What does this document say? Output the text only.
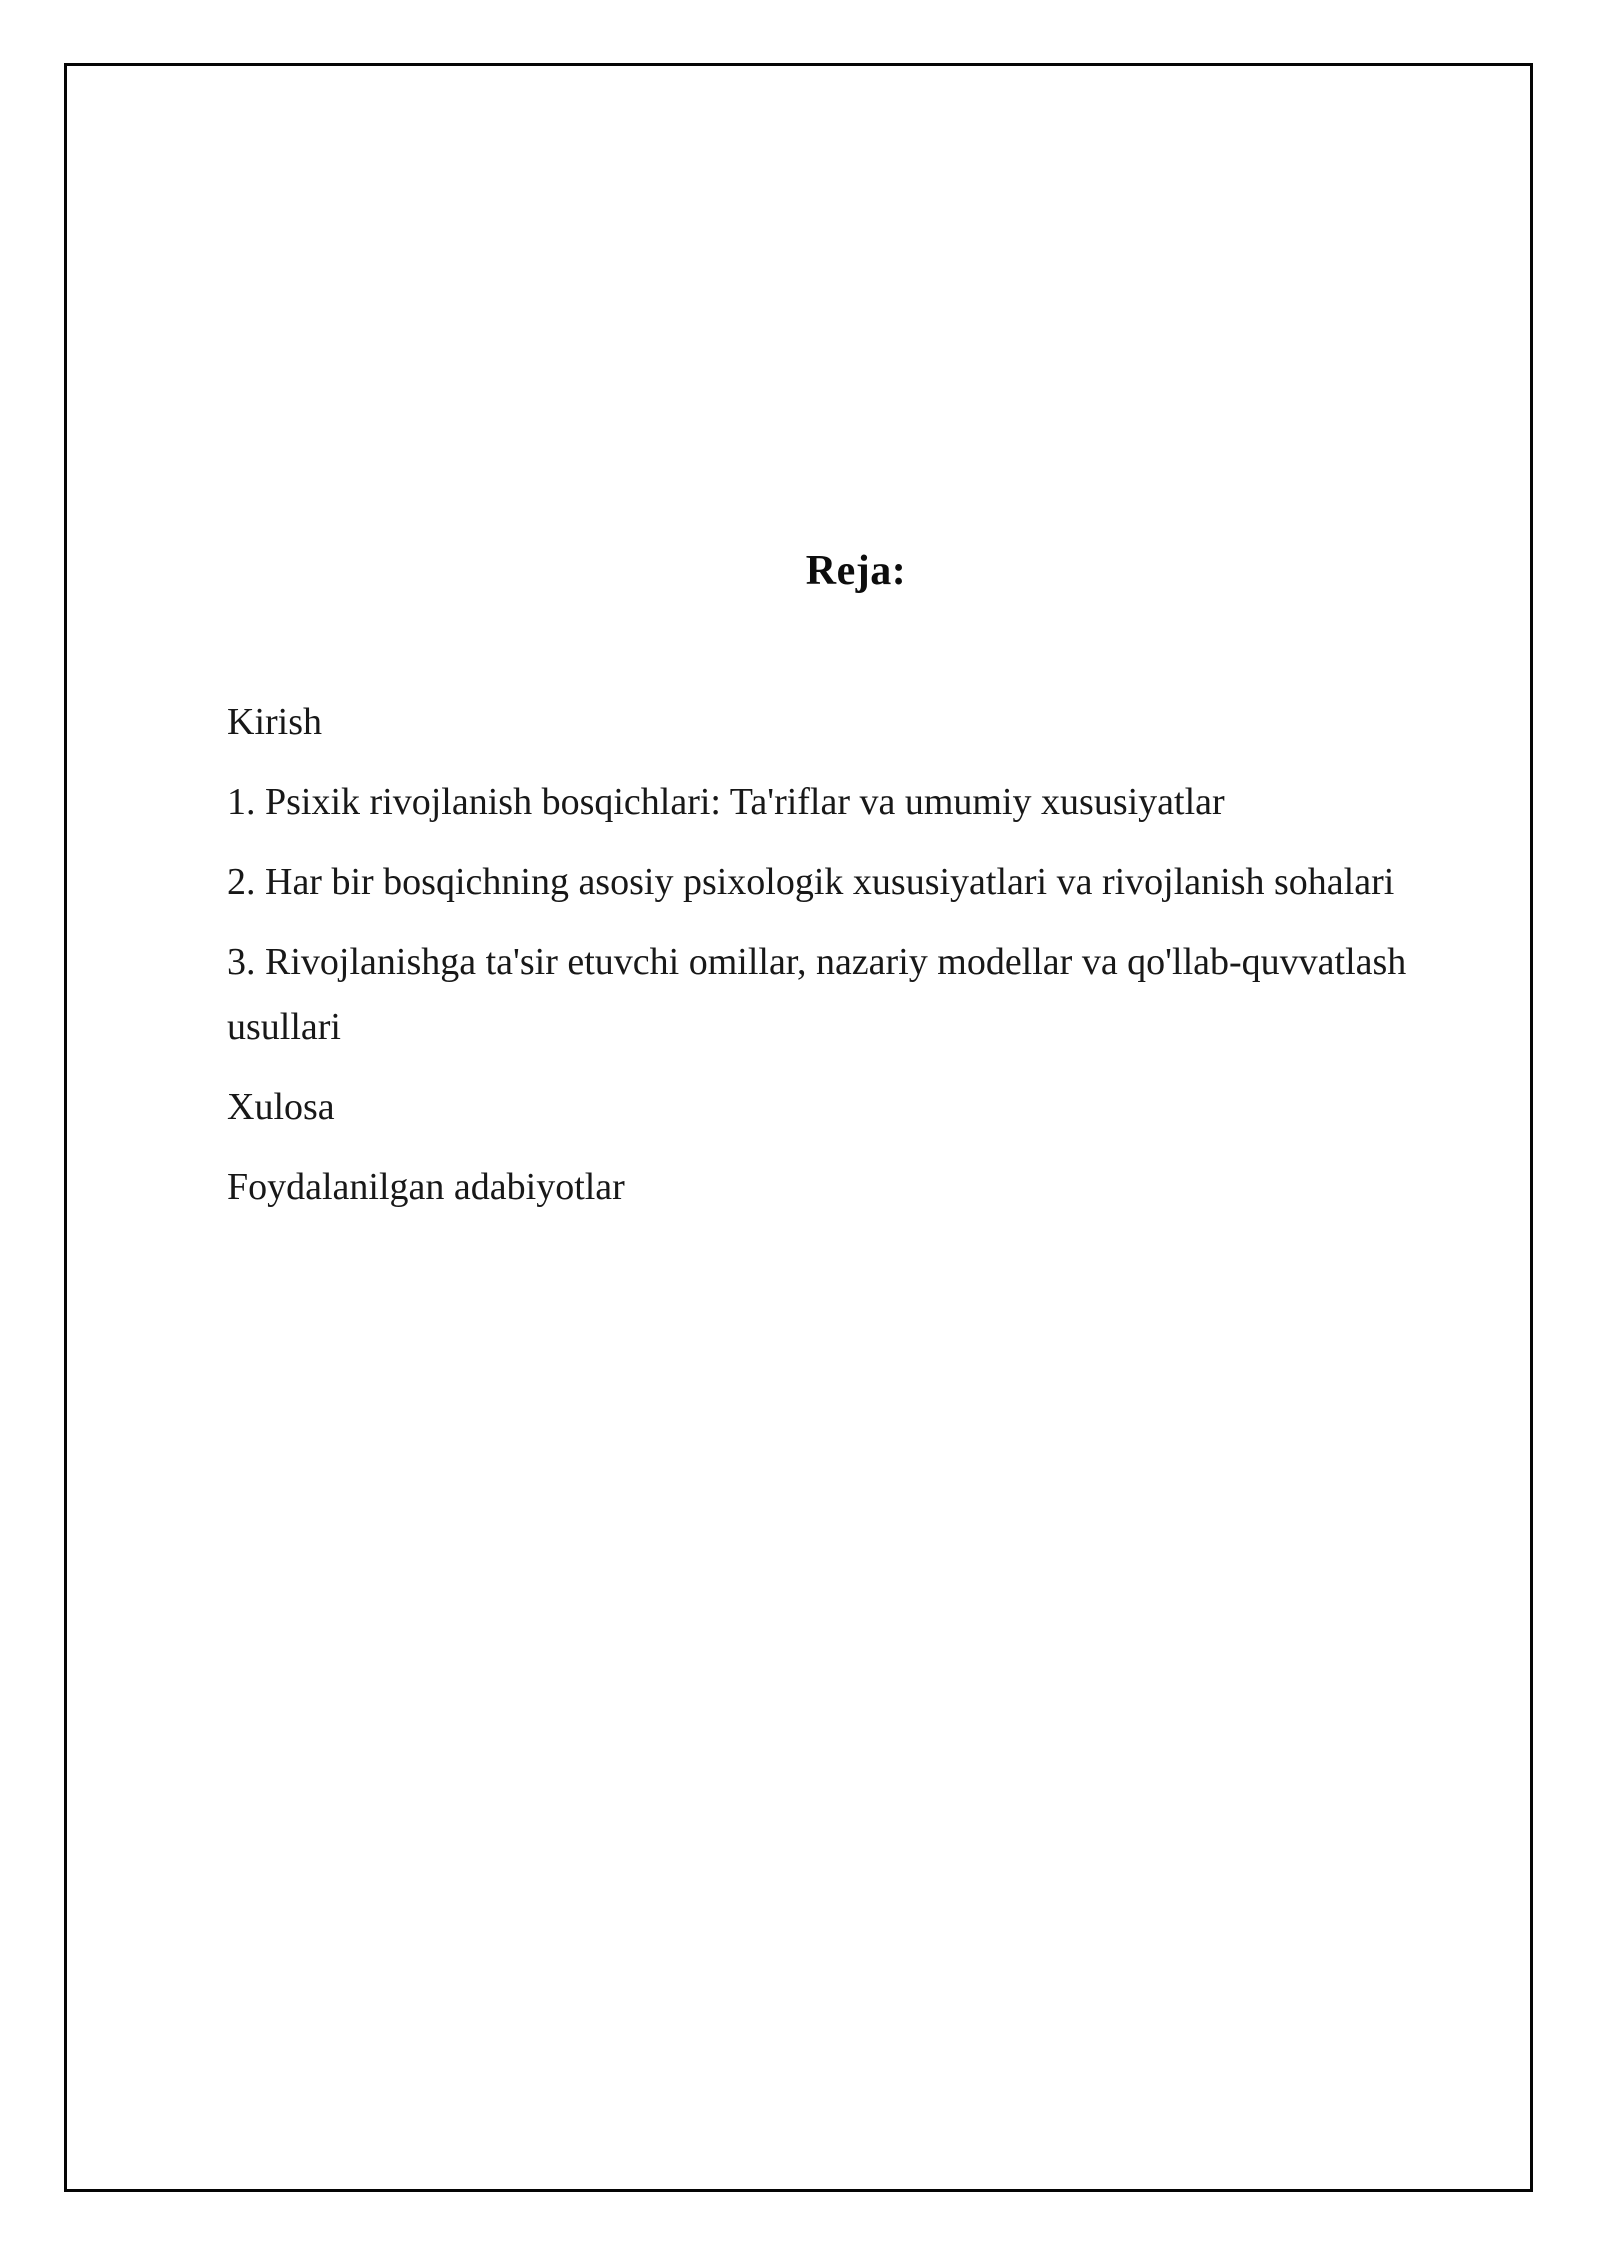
Reja:

Kirish

1. Psixik rivojlanish bosqichlari: Ta'riflar va umumiy xususiyatlar

2. Har bir bosqichning asosiy psixologik xususiyatlari va rivojlanish sohalari

3. Rivojlanishga ta'sir etuvchi omillar, nazariy modellar va qo'llab-quvvatlash usullari

Xulosa

Foydalanilgan adabiyotlar
